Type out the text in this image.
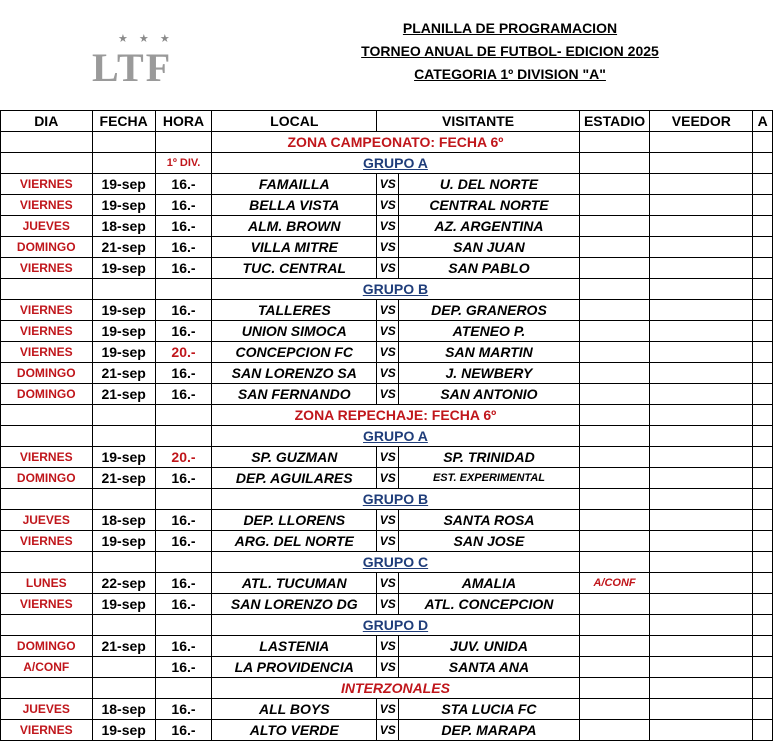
★ ★ ★
LTF
PLANILLA DE PROGRAMACION
TORNEO ANUAL DE FUTBOL- EDICION 2025
CATEGORIA 1º DIVISION "A"
DIA	FECHA	HORA	LOCAL	VISITANTE		ESTADIO	VEEDOR	A
			ZONA CAMPEONATO: FECHA 6º					
		1º DIV.	GRUPO A					
VIERNES	19-sep	16.-	FAMAILLA	VS	U. DEL NORTE			
VIERNES	19-sep	16.-	BELLA VISTA	VS	CENTRAL NORTE			
JUEVES	18-sep	16.-	ALM. BROWN	VS	AZ. ARGENTINA			
DOMINGO	21-sep	16.-	VILLA MITRE	VS	SAN JUAN			
VIERNES	19-sep	16.-	TUC. CENTRAL	VS	SAN PABLO			
			GRUPO B					
VIERNES	19-sep	16.-	TALLERES	VS	DEP. GRANEROS			
VIERNES	19-sep	16.-	UNION SIMOCA	VS	ATENEO P.			
VIERNES	19-sep	20.-	CONCEPCION FC	VS	SAN MARTIN			
DOMINGO	21-sep	16.-	SAN LORENZO SA	VS	J. NEWBERY			
DOMINGO	21-sep	16.-	SAN FERNANDO	VS	SAN ANTONIO			
			ZONA REPECHAJE: FECHA 6º					
			GRUPO A					
VIERNES	19-sep	20.-	SP. GUZMAN	VS	SP. TRINIDAD			
DOMINGO	21-sep	16.-	DEP. AGUILARES	VS	EST. EXPERIMENTAL			
			GRUPO B					
JUEVES	18-sep	16.-	DEP. LLORENS	VS	SANTA ROSA			
VIERNES	19-sep	16.-	ARG. DEL NORTE	VS	SAN JOSE			
			GRUPO C					
LUNES	22-sep	16.-	ATL. TUCUMAN	VS	AMALIA	A/CONF		
VIERNES	19-sep	16.-	SAN LORENZO DG	VS	ATL. CONCEPCION			
			GRUPO D					
DOMINGO	21-sep	16.-	LASTENIA	VS	JUV. UNIDA			
A/CONF		16.-	LA PROVIDENCIA	VS	SANTA ANA			
			INTERZONALES					
JUEVES	18-sep	16.-	ALL BOYS	VS	STA LUCIA FC			
VIERNES	19-sep	16.-	ALTO VERDE	VS	DEP. MARAPA			
